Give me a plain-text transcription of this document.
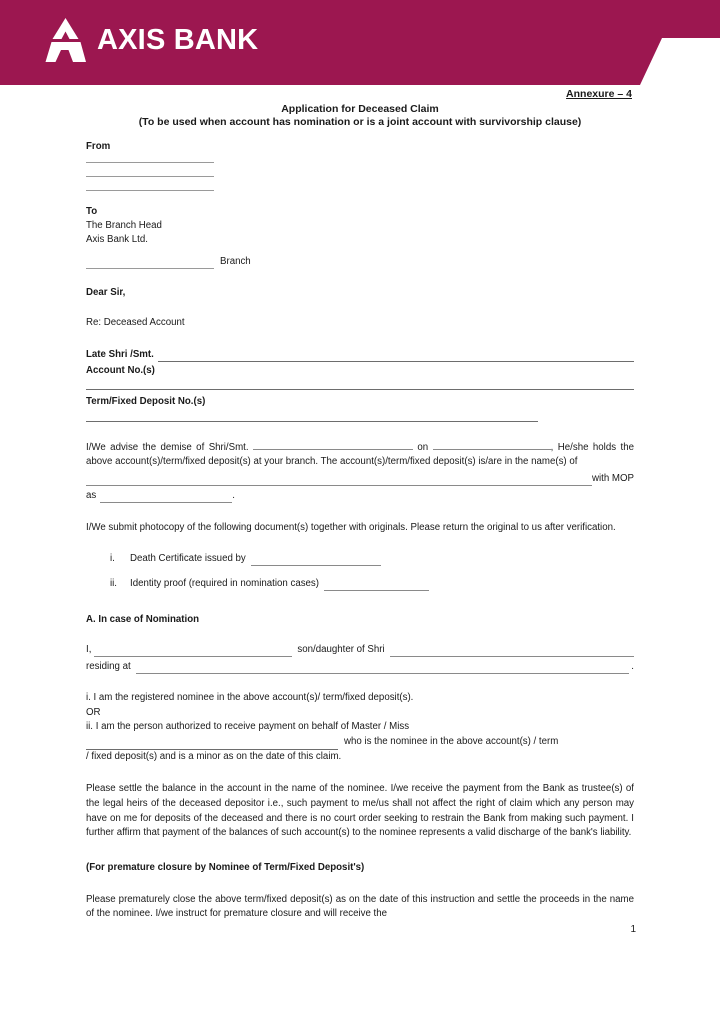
AXIS BANK
Annexure – 4
Application for Deceased Claim
(To be used when account has nomination or is a joint account with survivorship clause)
From
To
The Branch Head
Axis Bank Ltd.
Branch
Dear Sir,
Re: Deceased Account
Late Shri /Smt.
Account No.(s)
Term/Fixed Deposit No.(s)
I/We advise the demise of Shri/Smt.	on	, He/she holds the above account(s)/term/fixed deposit(s) at your branch. The account(s)/term/fixed deposit(s) is/are in the name(s) of
with MOP
as	.
I/We submit photocopy of the following document(s) together with originals. Please return the original to us after verification.
i.	Death Certificate issued by
ii.	Identity proof (required in nomination cases)
A. In case of Nomination
I,	son/daughter of Shri
residing at	.
i. I am the registered nominee in the above account(s)/ term/fixed deposit(s).
OR
ii. I am the person authorized to receive payment on behalf of Master / Miss
who is the nominee in the above account(s) / term
/ fixed deposit(s) and is a minor as on the date of this claim.
Please settle the balance in the account in the name of the nominee. I/we receive the payment from the Bank as trustee(s) of the legal heirs of the deceased depositor i.e., such payment to me/us shall not affect the right of claim which any person may have on me for deposits of the deceased and there is no court order seeking to restrain the Bank from making such payment. I further affirm that payment of the balances of such account(s) to the nominee represents a valid discharge of the bank's liability.
(For premature closure by Nominee of Term/Fixed Deposit's)
Please prematurely close the above term/fixed deposit(s) as on the date of this instruction and settle the proceeds in the name of the nominee. I/we instruct for premature closure and will receive the
1
